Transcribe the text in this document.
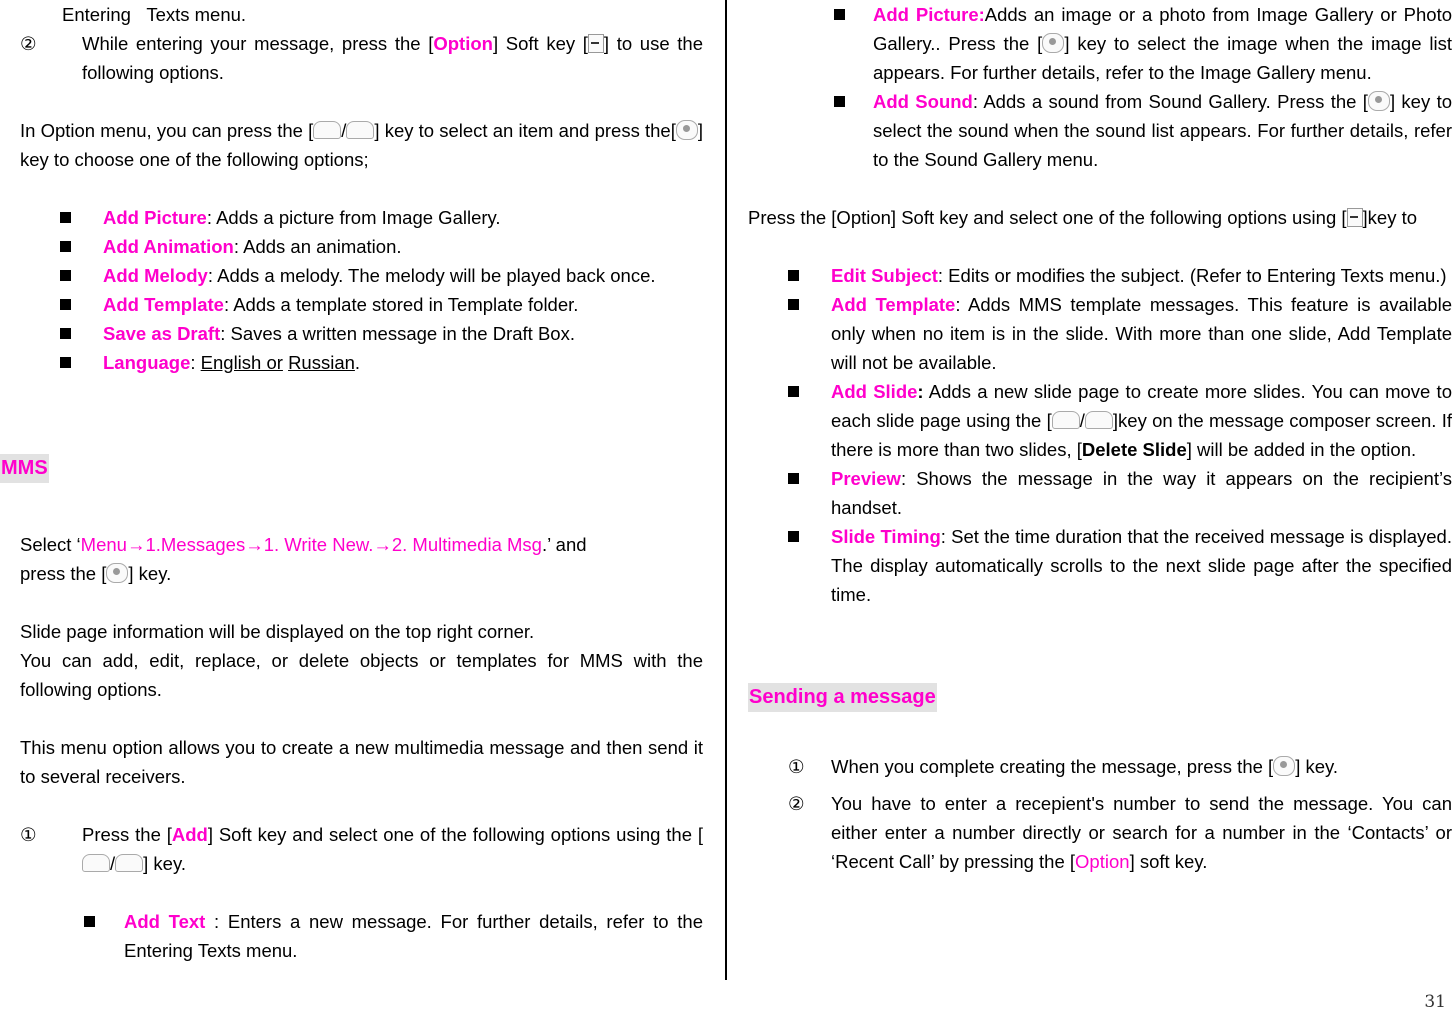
Entering   Texts menu.

② While entering your message, press the [Option] Soft key [ ] to use the following options.

In Option menu, you can press the [ / ] key to select an item and press the[ ] key to choose one of the following options;

Add Picture: Adds a picture from Image Gallery.

Add Animation: Adds an animation.

Add Melody: Adds a melody. The melody will be played back once.

Add Template: Adds a template stored in Template folder.

Save as Draft: Saves a written message in the Draft Box.

Language: English or Russian.

MMS

Select ‘Menu→1.Messages→1. Write New.→2. Multimedia Msg.’ and
press the [ ] key.

Slide page information will be displayed on the top right corner.

You can add, edit, replace, or delete objects or templates for MMS with the following options.

This menu option allows you to create a new multimedia message and then send it to several receivers.

① Press the [Add] Soft key and select one of the following options using the [/ ] key.

Add Text : Enters a new message. For further details, refer to the Entering Texts menu.

Add Picture:Adds an image or a photo from Image Gallery or Photo Gallery.. Press the [ ] key to select the image when the image list appears. For further details, refer to the Image Gallery menu.

Add Sound: Adds a sound from Sound Gallery. Press the [ ] key to select the sound when the sound list appears. For further details, refer to the Sound Gallery menu.

Press the [Option] Soft key and select one of the following options using [ ]key to

Edit Subject: Edits or modifies the subject. (Refer to Entering Texts menu.)

Add Template: Adds MMS template messages. This feature is available only when no item is in the slide. With more than one slide, Add Template will not be available.

Add Slide: Adds a new slide page to create more slides. You can move to each slide page using the [ / ]key on the message composer screen. If there is more than two slides, [Delete Slide] will be added in the option.

Preview: Shows the message in the way it appears on the recipient’s handset.

Slide Timing: Set the time duration that the received message is displayed. The display automatically scrolls to the next slide page after the specified time.

Sending a message

① When you complete creating the message, press the [ ] key.

② You have to enter a recepient's number to send the message. You can either enter a number directly or search for a number in the ‘Contacts’ or ‘Recent Call’ by pressing the [Option] soft key.

31
